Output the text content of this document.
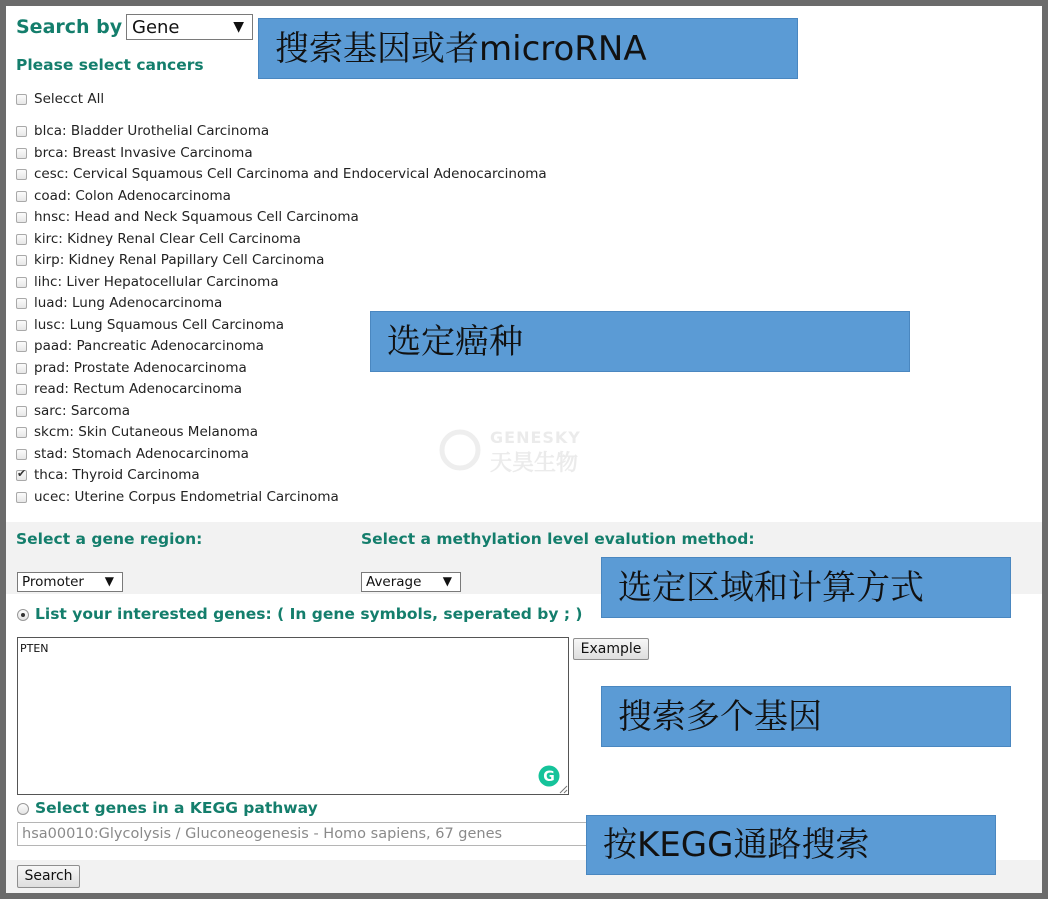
Search by Gene	▼
Please select cancers
Selecct All
blca: Bladder Urothelial Carcinoma
brca: Breast Invasive Carcinoma
cesc: Cervical Squamous Cell Carcinoma and Endocervical Adenocarcinoma
coad: Colon Adenocarcinoma
hnsc: Head and Neck Squamous Cell Carcinoma
kirc: Kidney Renal Clear Cell Carcinoma
kirp: Kidney Renal Papillary Cell Carcinoma
lihc: Liver Hepatocellular Carcinoma
luad: Lung Adenocarcinoma
lusc: Lung Squamous Cell Carcinoma
paad: Pancreatic Adenocarcinoma
prad: Prostate Adenocarcinoma
read: Rectum Adenocarcinoma
sarc: Sarcoma
skcm: Skin Cutaneous Melanoma
stad: Stomach Adenocarcinoma
✔
thca: Thyroid Carcinoma
ucec: Uterine Corpus Endometrial Carcinoma
GENESKY
天昊生物
Select a gene region:
Promoter ▼
Select a methylation level evalution method:
Average ▼
List your interested genes: ( In gene symbols, seperated by ; )
PTEN
G
Example
Select genes in a KEGG pathway
hsa00010:Glycolysis / Gluconeogenesis - Homo sapiens, 67 genes
Search
搜索基因或者microRNA
选定癌种
选定区域和计算方式
搜索多个基因
按KEGG通路搜索
